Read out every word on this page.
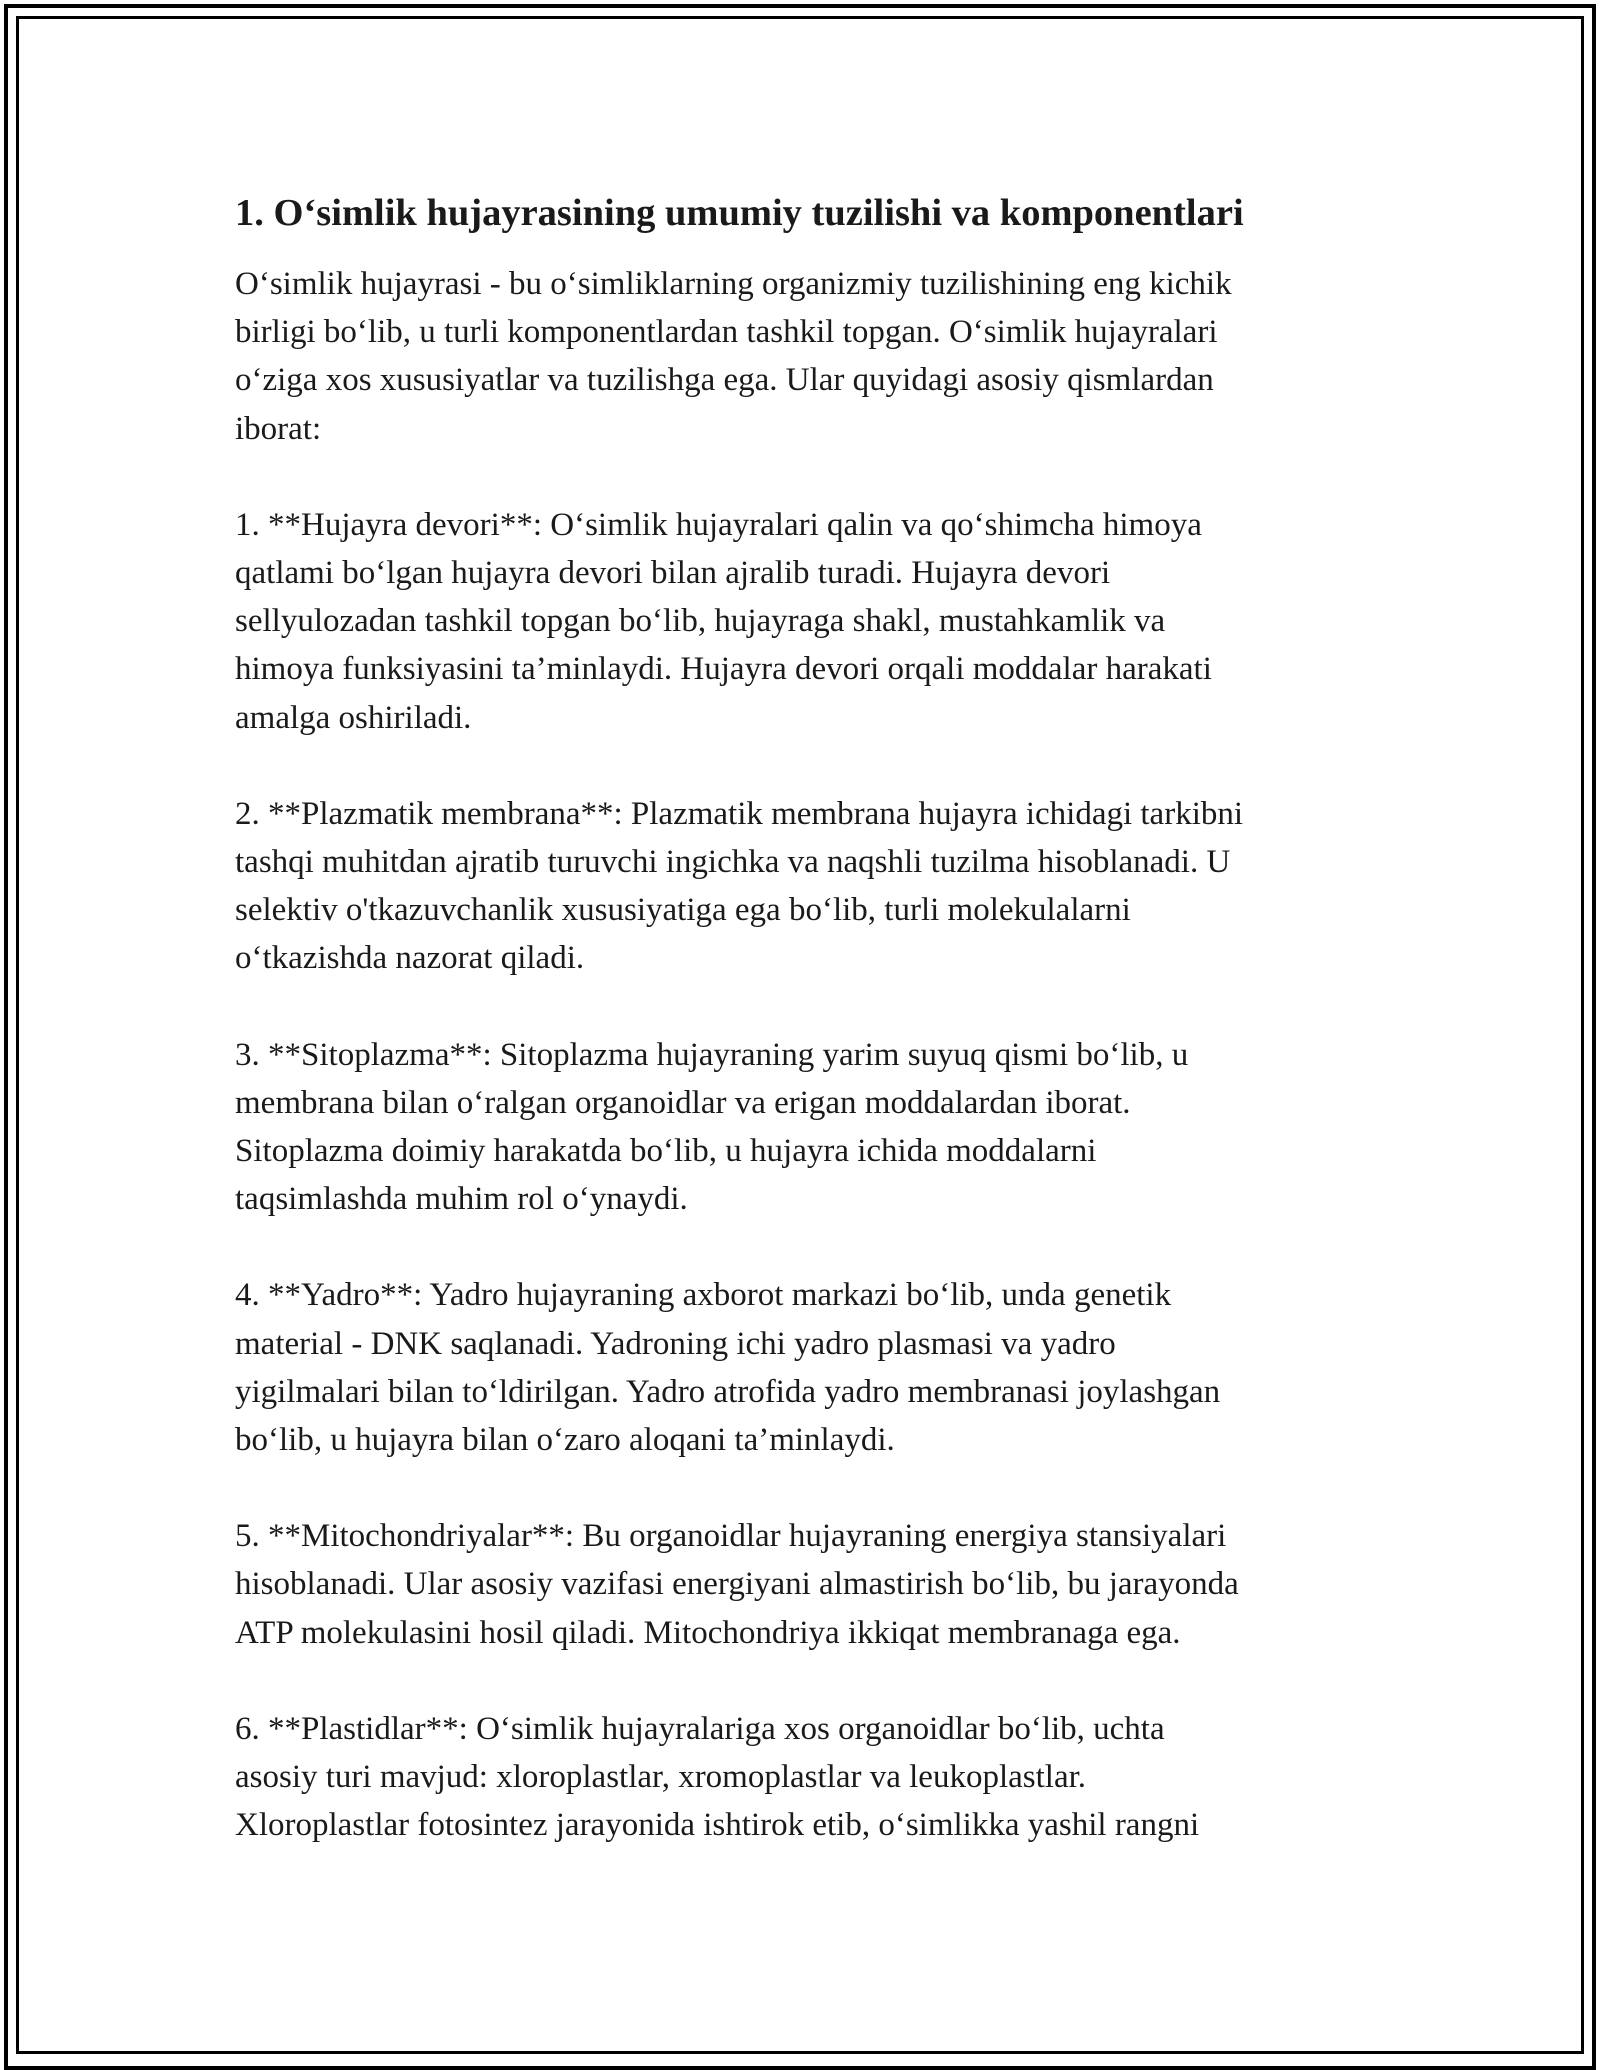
1. O‘simlik hujayrasining umumiy tuzilishi va komponentlari

O‘simlik hujayrasi - bu o‘simliklarning organizmiy tuzilishining eng kichik
birligi bo‘lib, u turli komponentlardan tashkil topgan. O‘simlik hujayralari
o‘ziga xos xususiyatlar va tuzilishga ega. Ular quyidagi asosiy qismlardan
iborat:

1. **Hujayra devori**: O‘simlik hujayralari qalin va qo‘shimcha himoya
qatlami bo‘lgan hujayra devori bilan ajralib turadi. Hujayra devori
sellyulozadan tashkil topgan bo‘lib, hujayraga shakl, mustahkamlik va
himoya funksiyasini ta’minlaydi. Hujayra devori orqali moddalar harakati
amalga oshiriladi.

2. **Plazmatik membrana**: Plazmatik membrana hujayra ichidagi tarkibni
tashqi muhitdan ajratib turuvchi ingichka va naqshli tuzilma hisoblanadi. U
selektiv o'tkazuvchanlik xususiyatiga ega bo‘lib, turli molekulalarni
o‘tkazishda nazorat qiladi.

3. **Sitoplazma**: Sitoplazma hujayraning yarim suyuq qismi bo‘lib, u
membrana bilan o‘ralgan organoidlar va erigan moddalardan iborat.
Sitoplazma doimiy harakatda bo‘lib, u hujayra ichida moddalarni
taqsimlashda muhim rol o‘ynaydi.

4. **Yadro**: Yadro hujayraning axborot markazi bo‘lib, unda genetik
material - DNK saqlanadi. Yadroning ichi yadro plasmasi va yadro
yigilmalari bilan to‘ldirilgan. Yadro atrofida yadro membranasi joylashgan
bo‘lib, u hujayra bilan o‘zaro aloqani ta’minlaydi.

5. **Mitochondriyalar**: Bu organoidlar hujayraning energiya stansiyalari
hisoblanadi. Ular asosiy vazifasi energiyani almastirish bo‘lib, bu jarayonda
ATP molekulasini hosil qiladi. Mitochondriya ikkiqat membranaga ega.

6. **Plastidlar**: O‘simlik hujayralariga xos organoidlar bo‘lib, uchta
asosiy turi mavjud: xloroplastlar, xromoplastlar va leukoplastlar.
Xloroplastlar fotosintez jarayonida ishtirok etib, o‘simlikka yashil rangni
